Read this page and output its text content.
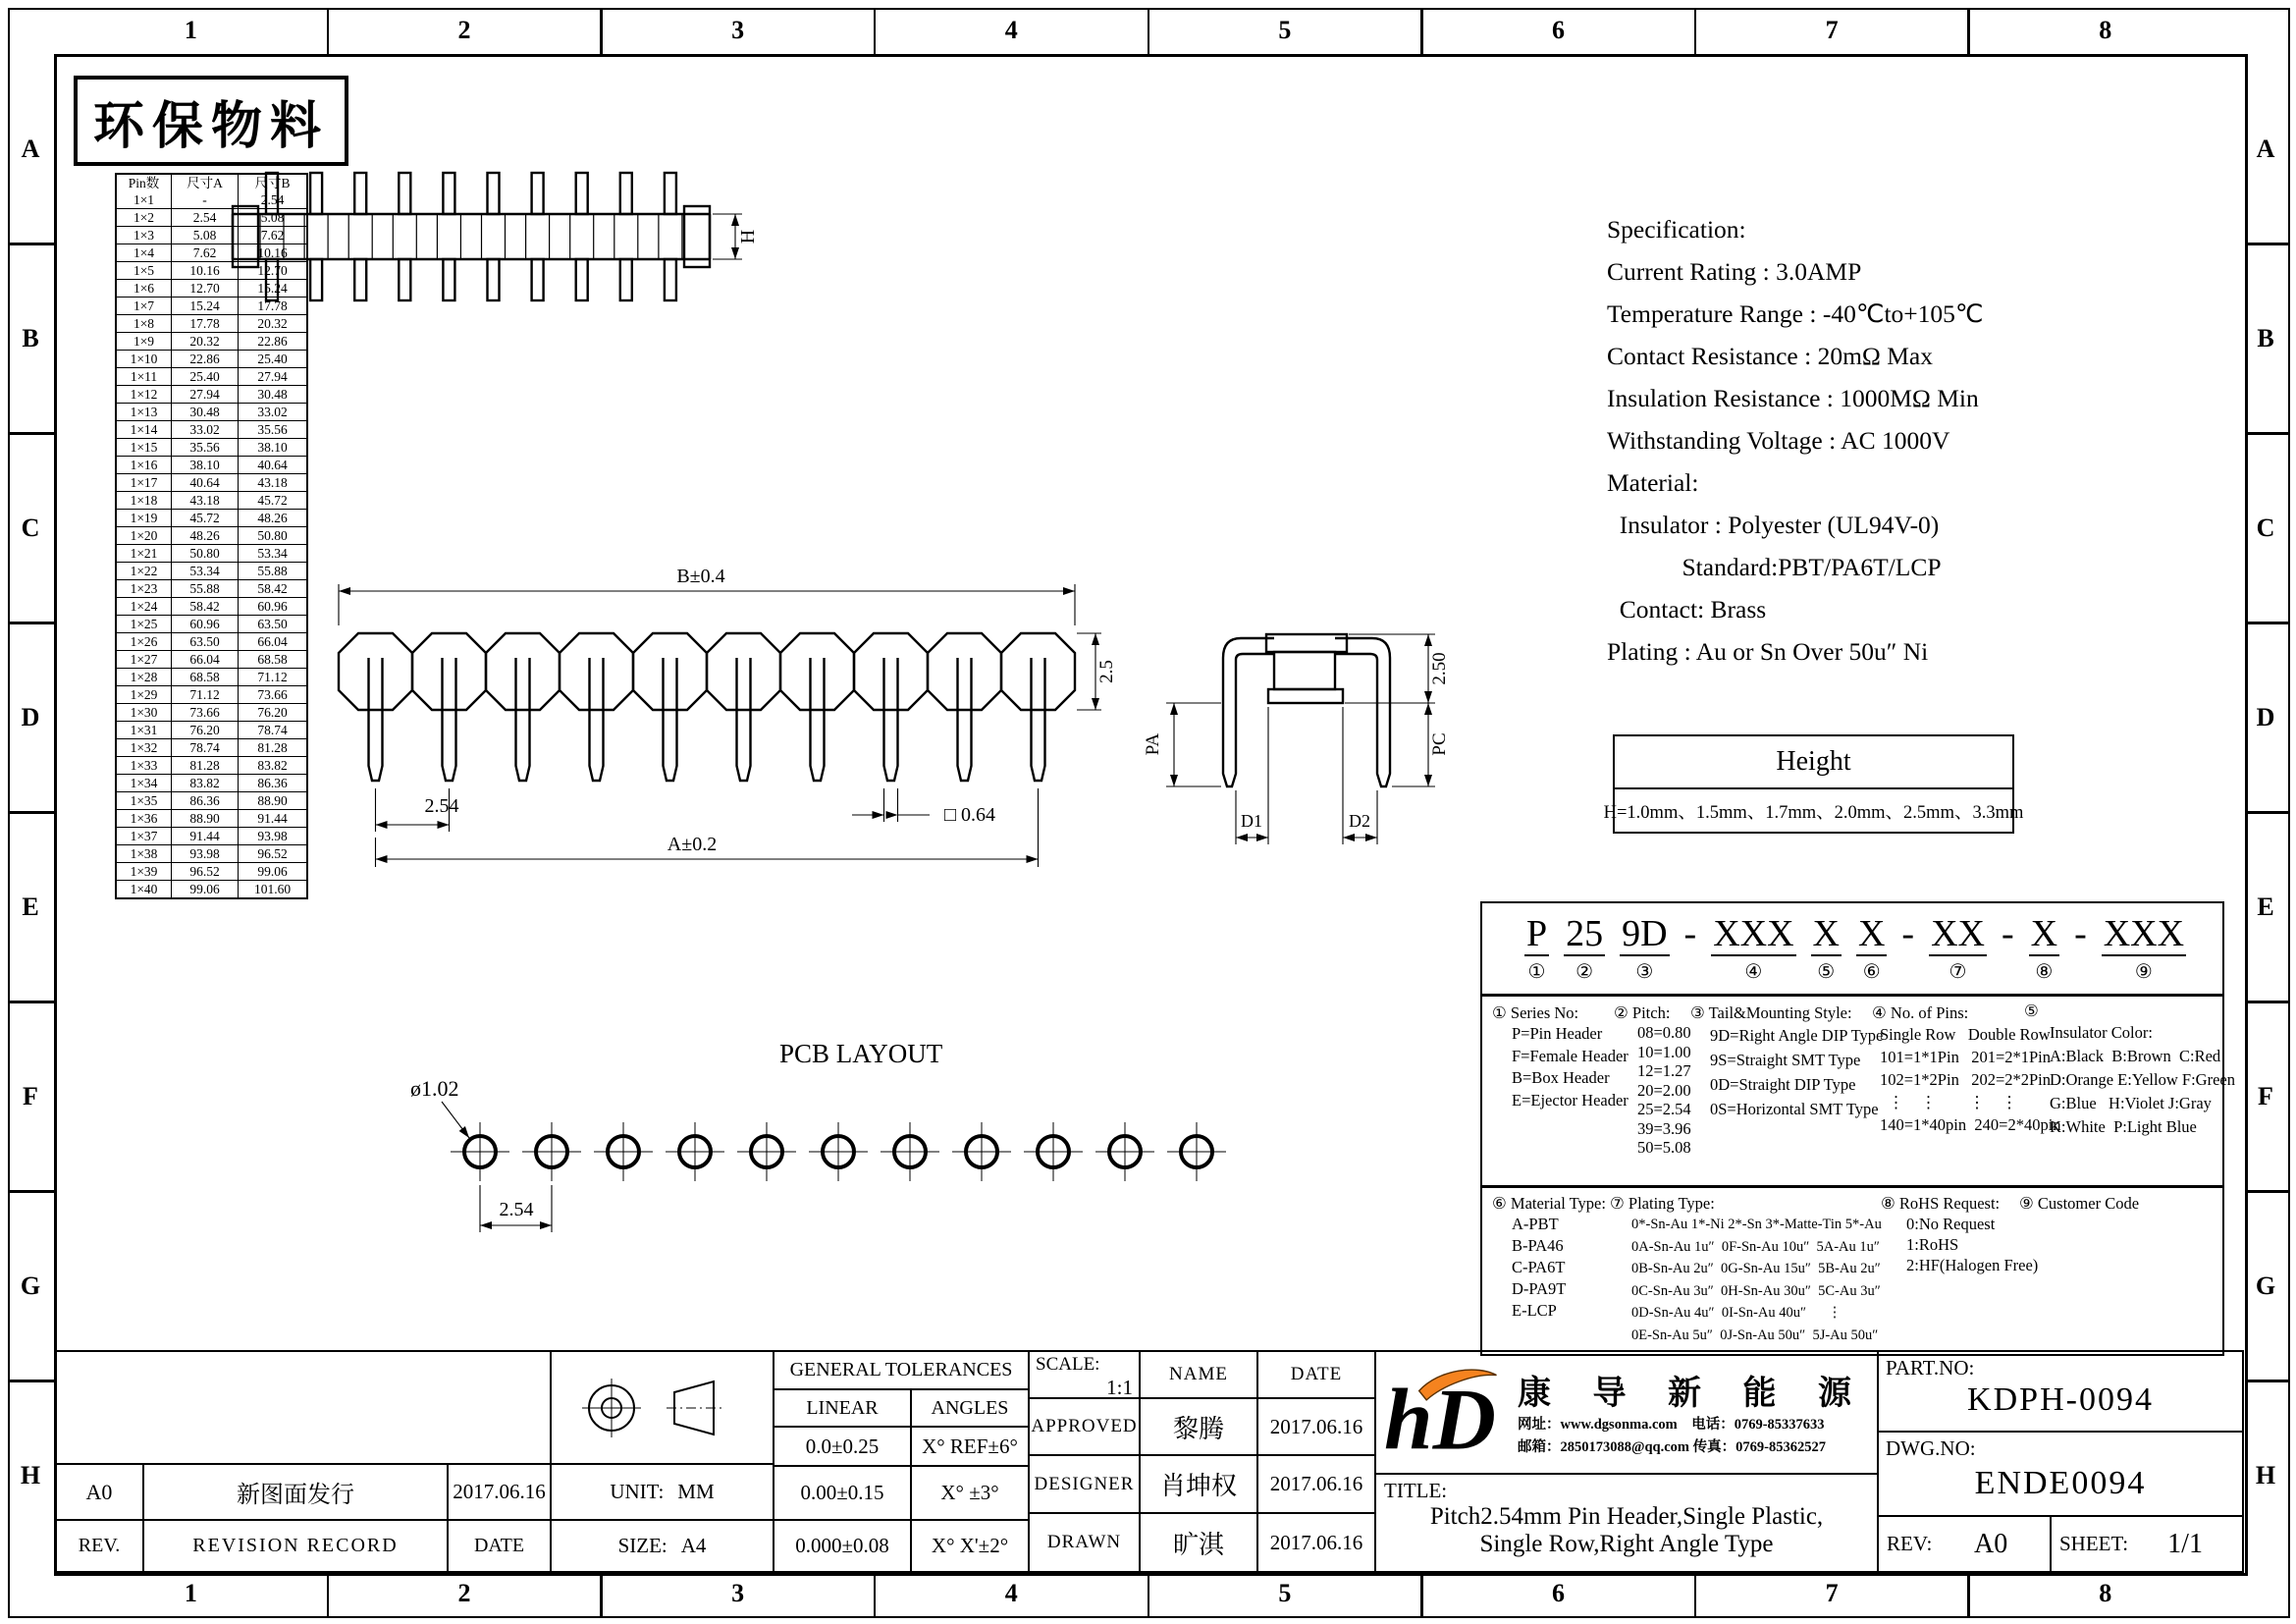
1
1
2
2
3
3
4
4
5
5
6
6
7
7
8
8
A	A
B	B
C	C
D	D
E	E
F	F
G	G
H	H
环保物料
Pin数	尺寸A	尺寸B
1×1	-	2.54
1×2	2.54	5.08
1×3	5.08	7.62
1×4	7.62	10.16
1×5	10.16	12.70
1×6	12.70	15.24
1×7	15.24	17.78
1×8	17.78	20.32
1×9	20.32	22.86
1×10	22.86	25.40
1×11	25.40	27.94
1×12	27.94	30.48
1×13	30.48	33.02
1×14	33.02	35.56
1×15	35.56	38.10
1×16	38.10	40.64
1×17	40.64	43.18
1×18	43.18	45.72
1×19	45.72	48.26
1×20	48.26	50.80
1×21	50.80	53.34
1×22	53.34	55.88
1×23	55.88	58.42
1×24	58.42	60.96
1×25	60.96	63.50
1×26	63.50	66.04
1×27	66.04	68.58
1×28	68.58	71.12
1×29	71.12	73.66
1×30	73.66	76.20
1×31	76.20	78.74
1×32	78.74	81.28
1×33	81.28	83.82
1×34	83.82	86.36
1×35	86.36	88.90
1×36	88.90	91.44
1×37	91.44	93.98
1×38	93.98	96.52
1×39	96.52	99.06
1×40	99.06	101.60
H
B±0.4
2.5
2.54	□ 0.64
A±0.2
2.50
PC
PA
D1	D2
PCB LAYOUT
ø1.02
2.54
Specification:
Current Rating : 3.0AMP
Temperature Range : -40℃to+105℃
Contact Resistance : 20mΩ Max
Insulation Resistance : 1000MΩ Min
Withstanding Voltage : AC 1000V
Material:
Insulator : Polyester (UL94V-0)
Standard:PBT/PA6T/LCP
Contact: Brass
Plating : Au or Sn Over 50u″ Ni
Height
H=1.0mm、1.5mm、1.7mm、2.0mm、2.5mm、3.3mm
P
①
25
②
9D
③
- XXX
④
X
⑤
X
⑥
- XX
⑦
- X
⑧
- XXX
⑨
① Series No:
P=Pin Header
F=Female Header
B=Box Header
E=Ejector Header
② Pitch:
08=0.80
10=1.00
12=1.27
20=2.00
25=2.54
39=3.96
50=5.08
③ Tail&Mounting Style:
9D=Right Angle DIP Type
9S=Straight SMT Type
0D=Straight DIP Type
0S=Horizontal SMT Type
④ No. of Pins:
Single Row   Double Row
101=1*1Pin   201=2*1Pin
102=1*2Pin   202=2*2Pin
⋮    ⋮        ⋮    ⋮
140=1*40pin  240=2*40pin
⑤
Insulator Color:
A:Black  B:Brown  C:Red
D:Orange E:Yellow F:Green
G:Blue   H:Violet J:Gray
K:White  P:Light Blue
⑥ Material Type:
A-PBT
B-PA46
C-PA6T
D-PA9T
E-LCP
⑦ Plating Type:
0*-Sn-Au 1*-Ni 2*-Sn 3*-Matte-Tin 5*-Au
0A-Sn-Au 1u″  0F-Sn-Au 10u″  5A-Au 1u″
0B-Sn-Au 2u″  0G-Sn-Au 15u″  5B-Au 2u″
0C-Sn-Au 3u″  0H-Sn-Au 30u″  5C-Au 3u″
0D-Sn-Au 4u″  0I-Sn-Au 40u″      ⋮
0E-Sn-Au 5u″  0J-Sn-Au 50u″  5J-Au 50u″
⑧ RoHS Request:
0:No Request
1:RoHS
2:HF(Halogen Free)
⑨ Customer Code
A0	新图面发行	2017.06.16
REV.	REVISION RECORD	DATE
UNIT: MM
SIZE: A4
GENERAL TOLERANCES
LINEAR	ANGLES
0.0±0.25	X° REF±6°
0.00±0.15	X° ±3°
0.000±0.08	X° X'±2°
SCALE:
1:1
NAME	DATE
APPROVED	黎腾	2017.06.16
DESIGNER	肖坤权	2017.06.16
DRAWN	旷淇	2017.06.16
hD 康 导 新 能 源
网址：www.dgsonma.com    电话：0769-85337633
邮箱：2850173088@qq.com 传真：0769-85362527
TITLE:
Pitch2.54mm Pin Header,Single Plastic,
Single Row,Right Angle Type
PART.NO:
KDPH-0094
DWG.NO:
ENDE0094
REV:	A0	SHEET:	1/1
